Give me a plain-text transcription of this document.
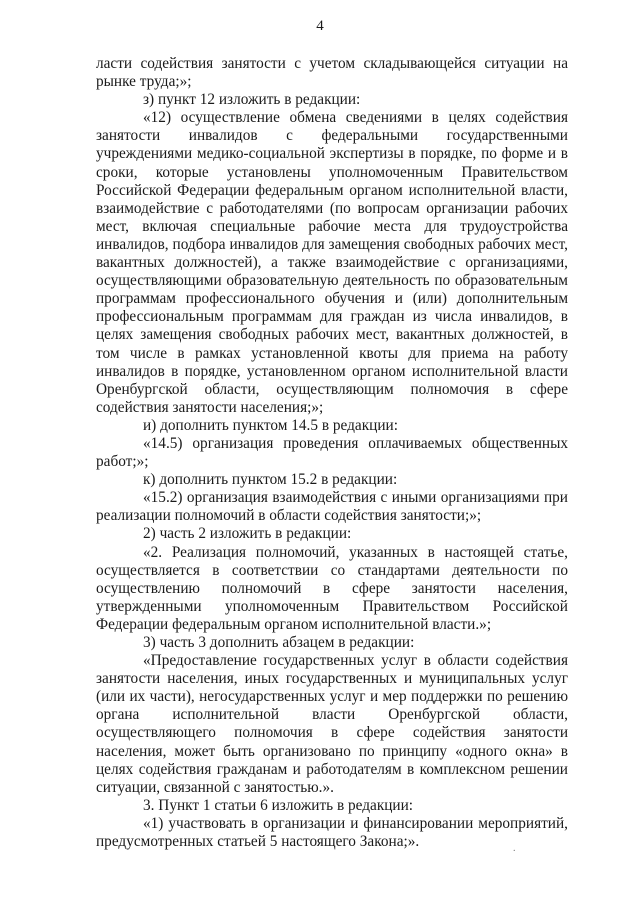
4

ласти содействия занятости с учетом складывающейся ситуации на рынке труда;»;

з) пункт 12 изложить в редакции:

«12) осуществление обмена сведениями в целях содействия занятости инвалидов с федеральными государственными учреждениями медико-социальной экспертизы в порядке, по форме и в сроки, которые установлены уполномоченным Правительством Российской Федерации федеральным органом исполнительной власти, взаимодействие с работодателями (по вопросам организации рабочих мест, включая специальные рабочие места для трудоустройства инвалидов, подбора инвалидов для замещения свободных рабочих мест, вакантных должностей), а также взаимодействие с организациями, осуществляющими образовательную деятельность по образовательным программам профессионального обучения и (или) дополнительным профессиональным программам для граждан из числа инвалидов, в целях замещения свободных рабочих мест, вакантных должностей, в том числе в рамках установленной квоты для приема на работу инвалидов в порядке, установленном органом исполнительной власти Оренбургской области, осуществляющим полномочия в сфере содействия занятости населения;»;

и) дополнить пунктом 14.5 в редакции:

«14.5) организация проведения оплачиваемых общественных работ;»;

к) дополнить пунктом 15.2 в редакции:

«15.2) организация взаимодействия с иными организациями при реализации полномочий в области содействия занятости;»;

2) часть 2 изложить в редакции:

«2. Реализация полномочий, указанных в настоящей статье, осуществляется в соответствии со стандартами деятельности по осуществлению полномочий в сфере занятости населения, утвержденными уполномоченным Правительством Российской Федерации федеральным органом исполнительной власти.»;

3) часть 3 дополнить абзацем в редакции:

«Предоставление государственных услуг в области содействия занятости населения, иных государственных и муниципальных услуг (или их части), негосударственных услуг и мер поддержки по решению органа исполнительной власти Оренбургской области, осуществляющего полномочия в сфере содействия занятости населения, может быть организовано по принципу «одного окна» в целях содействия гражданам и работодателям в комплексном решении ситуации, связанной с занятостью.».

3. Пункт 1 статьи 6 изложить в редакции:

«1) участвовать в организации и финансировании мероприятий, предусмотренных статьей 5 настоящего Закона;».	.
